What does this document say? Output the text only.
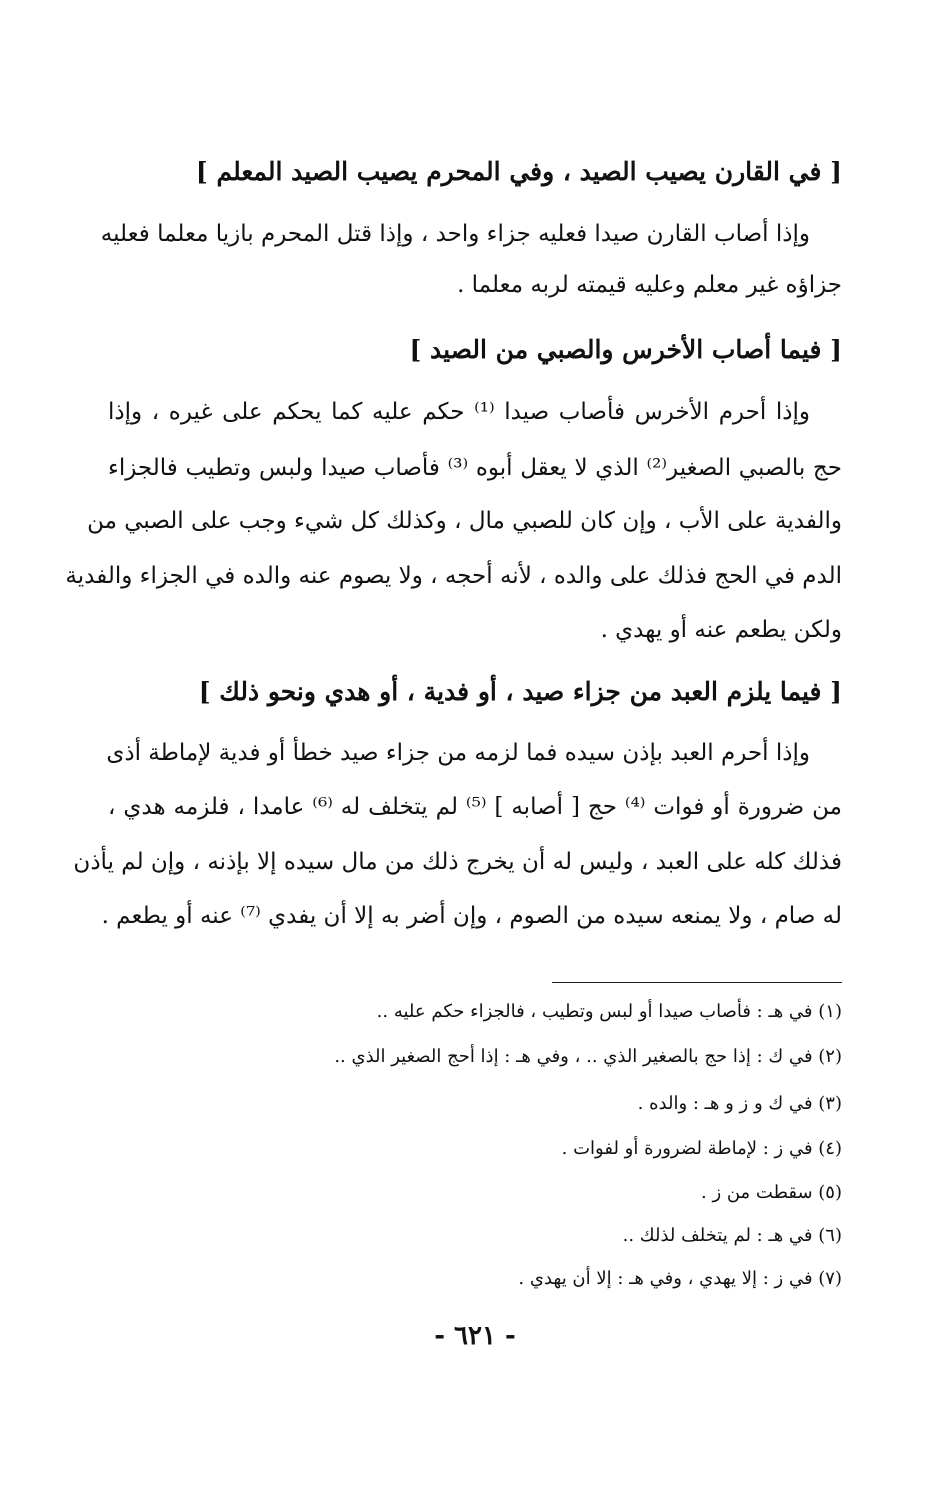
[ في القارن يصيب الصيد ، وفي المحرم يصيب الصيد المعلم ]
وإذا أصاب القارن صيدا فعليه جزاء واحد ، وإذا قتل المحرم بازيا معلما فعليه
جزاؤه غير معلم وعليه قيمته لربه معلما .
[ فيما أصاب الأخرس والصبي من الصيد ]
وإذا أحرم الأخرس فأصاب صيدا ⁽¹⁾ حكم عليه كما يحكم على غيره ، وإذا
حج بالصبي الصغير⁽²⁾ الذي لا يعقل أبوه ⁽³⁾ فأصاب صيدا ولبس وتطيب فالجزاء
والفدية على الأب ، وإن كان للصبي مال ، وكذلك كل شيء وجب على الصبي من
الدم في الحج فذلك على والده ، لأنه أحجه ، ولا يصوم عنه والده في الجزاء والفدية
ولكن يطعم عنه أو يهدي .
[ فيما يلزم العبد من جزاء صيد ، أو فدية ، أو هدي ونحو ذلك ]
وإذا أحرم العبد بإذن سيده فما لزمه من جزاء صيد خطأ أو فدية لإماطة أذى
من ضرورة أو فوات ⁽⁴⁾ حج [ أصابه ] ⁽⁵⁾ لم يتخلف له ⁽⁶⁾ عامدا ، فلزمه هدي ،
فذلك كله على العبد ، وليس له أن يخرج ذلك من مال سيده إلا بإذنه ، وإن لم يأذن
له صام ، ولا يمنعه سيده من الصوم ، وإن أضر به إلا أن يفدي ⁽⁷⁾ عنه أو يطعم .
(١) في هـ : فأصاب صيدا أو لبس وتطيب ، فالجزاء حكم عليه ..
(٢) في ك : إذا حج بالصغير الذي .. ، وفي هـ : إذا أحج الصغير الذي ..
(٣) في ك و ز و هـ : والده .
(٤) في ز : لإماطة لضرورة أو لفوات .
(٥) سقطت من ز .
(٦) في هـ : لم يتخلف لذلك ..
(٧) في ز : إلا يهدي ، وفي هـ : إلا أن يهدي .
- ٦٢١ -
